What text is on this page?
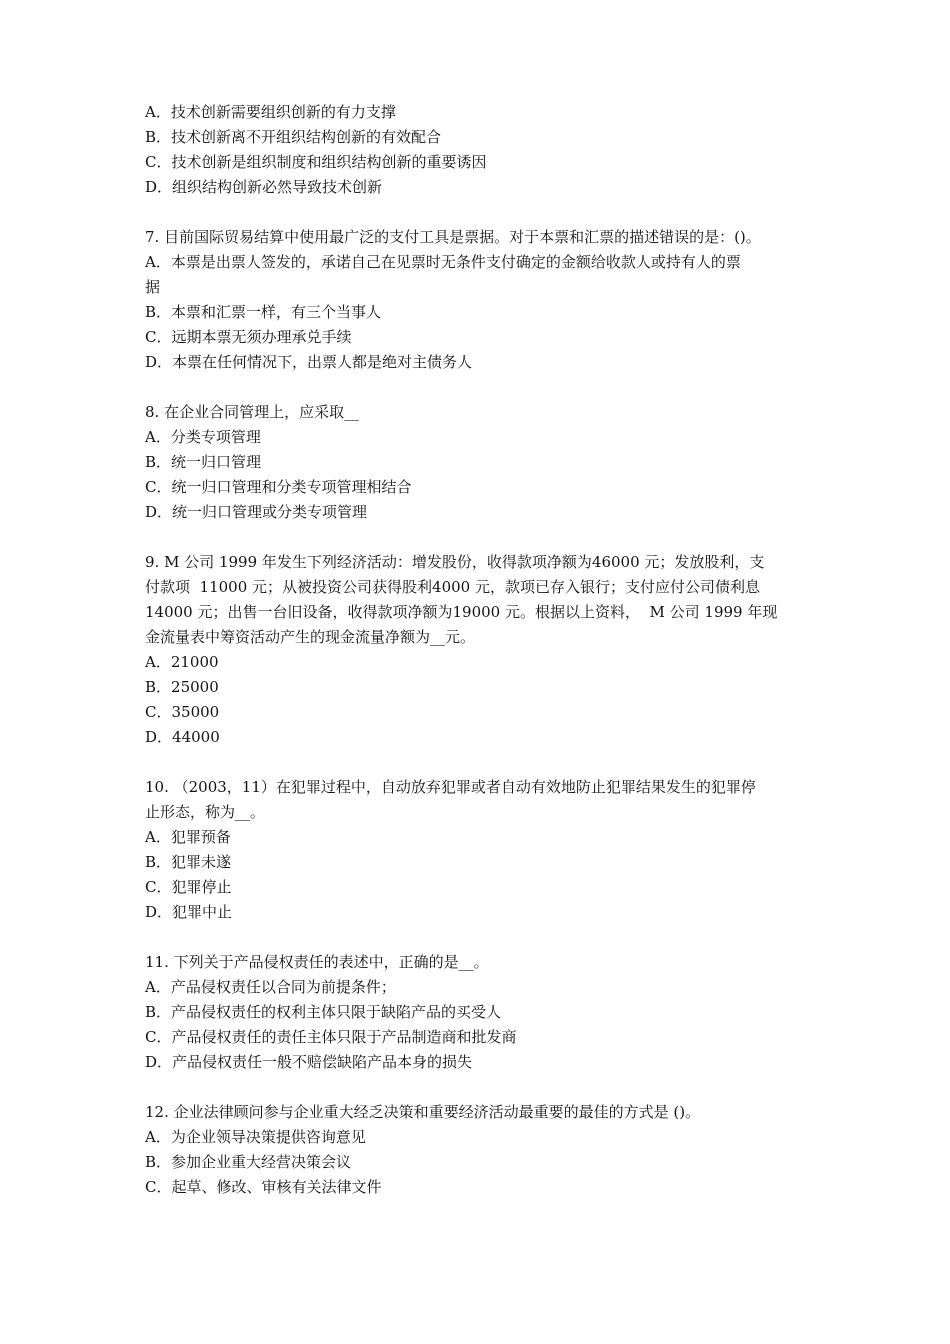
A．技术创新需要组织创新的有力支撑

B．技术创新离不开组织结构创新的有效配合

C．技术创新是组织制度和组织结构创新的重要诱因

D．组织结构创新必然导致技术创新

7. 目前国际贸易结算中使用最广泛的支付工具是票据。对于本票和汇票的描述错误的是：()。

A．本票是出票人签发的，承诺自己在见票时无条件支付确定的金额给收款人或持有人的票

据

B．本票和汇票一样，有三个当事人

C．远期本票无须办理承兑手续

D．本票在任何情况下，出票人都是绝对主债务人

8. 在企业合同管理上，应采取__

A．分类专项管理

B．统一归口管理

C．统一归口管理和分类专项管理相结合

D．统一归口管理或分类专项管理

9. M 公司 1999 年发生下列经济活动：增发股份，收得款项净额为46000 元；发放股利，支

付款项  11000 元；从被投资公司获得股利4000 元，款项已存入银行；支付应付公司债利息

14000 元；出售一台旧设备，收得款项净额为19000 元。根据以上资料，  M 公司 1999 年现

金流量表中筹资活动产生的现金流量净额为__元。

A．21000

B．25000

C．35000

D．44000

10. （2003，11）在犯罪过程中，自动放弃犯罪或者自动有效地防止犯罪结果发生的犯罪停

止形态，称为__。

A．犯罪预备

B．犯罪未遂

C．犯罪停止

D．犯罪中止

11. 下列关于产品侵权责任的表述中，正确的是__。

A．产品侵权责任以合同为前提条件；

B．产品侵权责任的权利主体只限于缺陷产品的买受人

C．产品侵权责任的责任主体只限于产品制造商和批发商

D．产品侵权责任一般不赔偿缺陷产品本身的损失

12. 企业法律顾问参与企业重大经乏决策和重要经济活动最重要的最佳的方式是 ()。

A．为企业领导决策提供咨询意见

B．参加企业重大经营决策会议

C．起草、修改、审核有关法律文件
